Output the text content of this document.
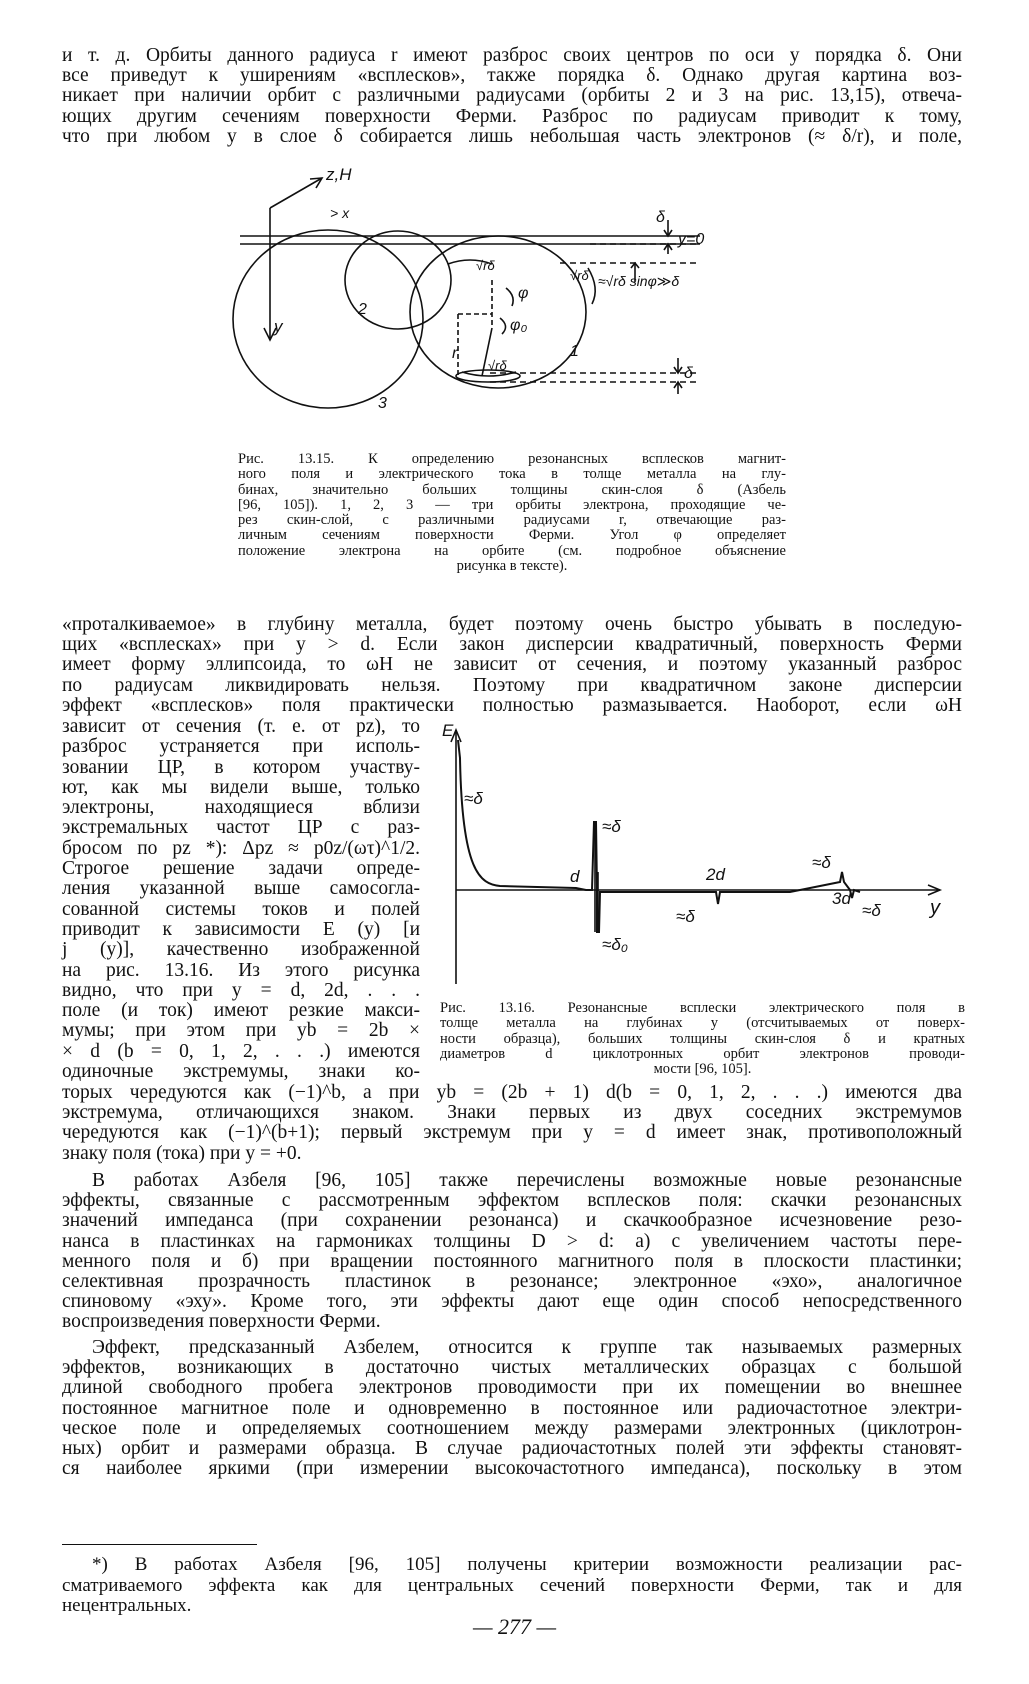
и т. д. Орбиты данного радиуса r имеют разброс своих центров по оси y порядка δ. Они
все приведут к уширениям «всплесков», также порядка δ. Однако другая картина воз-
никает при наличии орбит с различными радиусами (орбиты 2 и 3 на рис. 13,15), отвеча-
ющих другим сечениям поверхности Ферми. Разброс по радиусам приводит к тому,
что при любом y в слое δ собирается лишь небольшая часть электронов (≈ δ/r), и поле,
z,H
> x
y
δ
y=0
√rδ
√rδ ≈√rδ sinφ≫δ
φ
φ₀
r
√rδ
1
2
3
δ
Рис. 13.15. К определению резонансных всплесков магнит-
ного поля и электрического тока в толще металла на глу-
бинах, значительно больших толщины скин-слоя δ (Азбель
[96, 105]). 1, 2, 3 — три орбиты электрона, проходящие че-
рез скин-слой, с различными радиусами r, отвечающие раз-
личным сечениям поверхности Ферми. Угол φ определяет
положение электрона на орбите (см. подробное объяснение
рисунка в тексте).
«проталкиваемое» в глубину металла, будет поэтому очень быстро убывать в последую-
щих «всплесках» при y > d. Если закон дисперсии квадратичный, поверхность Ферми
имеет форму эллипсоида, то ωH не зависит от сечения, и поэтому указанный разброс
по радиусам ликвидировать нельзя. Поэтому при квадратичном законе дисперсии
эффект «всплесков» поля практически полностью размазывается. Наоборот, если ωH
зависит от сечения (т. е. от pz), то
разброс устраняется при исполь-
зовании ЦР, в котором участву-
ют, как мы видели выше, только
электроны, находящиеся вблизи
экстремальных частот ЦР с раз-
бросом по pz *): Δpz ≈ p0z/(ωτ)^1/2.
Строгое решение задачи опреде-
ления указанной выше самосогла-
сованной системы токов и полей
приводит к зависимости E (y) [и
j (y)], качественно изображенной
на рис. 13.16. Из этого рисунка
видно, что при y = d, 2d, . . .
поле (и ток) имеют резкие макси-
мумы; при этом при yb = 2b ×
× d (b = 0, 1, 2, . . .) имеются
одиночные экстремумы, знаки ко-
E
y
d	2d
3d
≈δ
≈δ
≈δ
≈δ	≈δ
≈δ₀
Рис. 13.16. Резонансные всплески электрического поля в
толще металла на глубинах y (отсчитываемых от поверх-
ности образца), больших толщины скин-слоя δ и кратных
диаметров d циклотронных орбит электронов проводи-
мости [96, 105].
торых чередуются как (−1)^b, а при yb = (2b + 1) d(b = 0, 1, 2, . . .) имеются два
экстремума, отличающихся знаком. Знаки первых из двух соседних экстремумов
чередуются как (−1)^(b+1); первый экстремум при y = d имеет знак, противоположный
знаку поля (тока) при y = +0.
В работах Азбеля [96, 105] также перечислены возможные новые резонансные
эффекты, связанные с рассмотренным эффектом всплесков поля: скачки резонансных
значений импеданса (при сохранении резонанса) и скачкообразное исчезновение резо-
нанса в пластинках на гармониках толщины D > d: а) с увеличением частоты пере-
менного поля и б) при вращении постоянного магнитного поля в плоскости пластинки;
селективная прозрачность пластинок в резонансе; электронное «эхо», аналогичное
спиновому «эху». Кроме того, эти эффекты дают еще один способ непосредственного
воспроизведения поверхности Ферми.
Эффект, предсказанный Азбелем, относится к группе так называемых размерных
эффектов, возникающих в достаточно чистых металлических образцах с большой
длиной свободного пробега электронов проводимости при их помещении во внешнее
постоянное магнитное поле и одновременно в постоянное или радиочастотное электри-
ческое поле и определяемых соотношением между размерами электронных (циклотрон-
ных) орбит и размерами образца. В случае радиочастотных полей эти эффекты становят-
ся наиболее яркими (при измерении высокочастотного импеданса), поскольку в этом
*) В работах Азбеля [96, 105] получены критерии возможности реализации рас-
сматриваемого эффекта как для центральных сечений поверхности Ферми, так и для
нецентральных.
— 277 —
